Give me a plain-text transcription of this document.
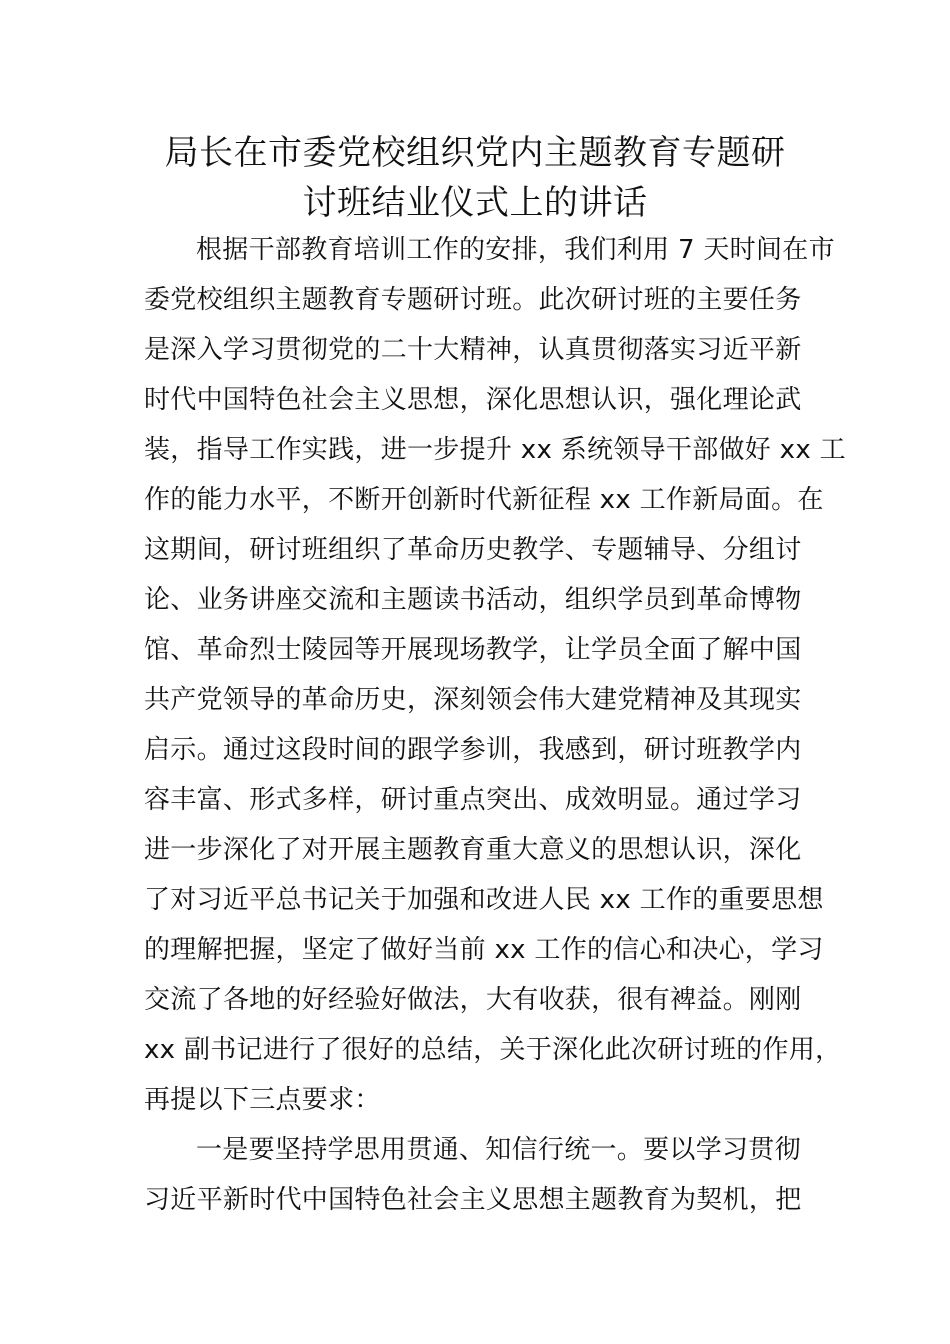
局长在市委党校组织党内主题教育专题研
讨班结业仪式上的讲话
根据干部教育培训工作的安排，我们利用 7 天时间在市
委党校组织主题教育专题研讨班。此次研讨班的主要任务
是深入学习贯彻党的二十大精神，认真贯彻落实习近平新
时代中国特色社会主义思想，深化思想认识，强化理论武
装，指导工作实践，进一步提升 xx 系统领导干部做好 xx 工
作的能力水平，不断开创新时代新征程 xx 工作新局面。在
这期间，研讨班组织了革命历史教学、专题辅导、分组讨
论、业务讲座交流和主题读书活动，组织学员到革命博物
馆、革命烈士陵园等开展现场教学，让学员全面了解中国
共产党领导的革命历史，深刻领会伟大建党精神及其现实
启示。通过这段时间的跟学参训，我感到，研讨班教学内
容丰富、形式多样，研讨重点突出、成效明显。通过学习
进一步深化了对开展主题教育重大意义的思想认识，深化
了对习近平总书记关于加强和改进人民 xx 工作的重要思想
的理解把握，坚定了做好当前 xx 工作的信心和决心，学习
交流了各地的好经验好做法，大有收获，很有裨益。刚刚
xx 副书记进行了很好的总结，关于深化此次研讨班的作用，
再提以下三点要求：
一是要坚持学思用贯通、知信行统一。要以学习贯彻
习近平新时代中国特色社会主义思想主题教育为契机，把
